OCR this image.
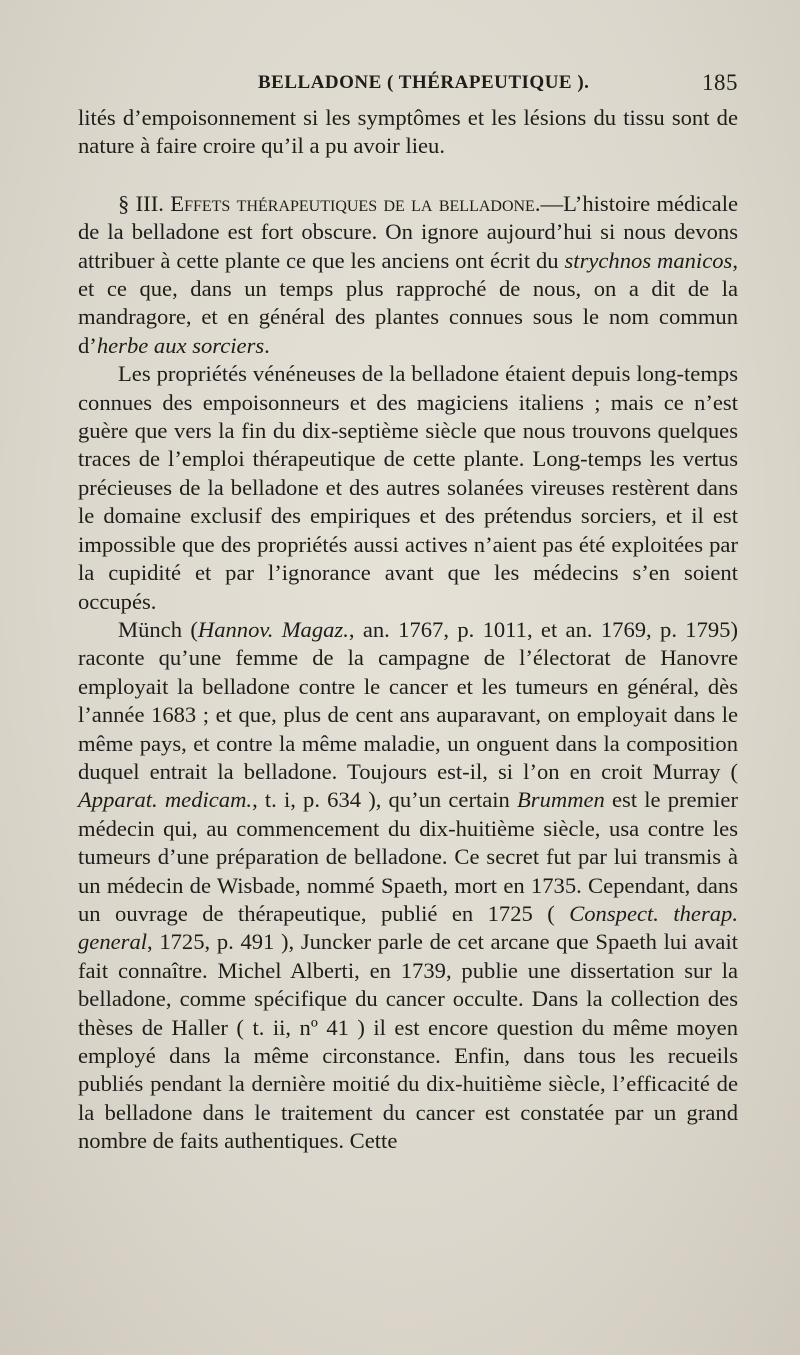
BELLADONE ( THÉRAPEUTIQUE ).	185

lités d’empoisonnement si les symptômes et les lésions du tissu sont de nature à faire croire qu’il a pu avoir lieu.

§ III. Effets thérapeutiques de la belladone.—L’histoire médicale de la belladone est fort obscure. On ignore aujourd’hui si nous devons attribuer à cette plante ce que les anciens ont écrit du strychnos manicos, et ce que, dans un temps plus rapproché de nous, on a dit de la mandragore, et en général des plantes connues sous le nom commun d’herbe aux sorciers.

Les propriétés vénéneuses de la belladone étaient depuis long-temps connues des empoisonneurs et des magiciens italiens ; mais ce n’est guère que vers la fin du dix-septième siècle que nous trouvons quelques traces de l’emploi thérapeutique de cette plante. Long-temps les vertus précieuses de la belladone et des autres solanées vireuses restèrent dans le domaine exclusif des empiriques et des prétendus sorciers, et il est impossible que des propriétés aussi actives n’aient pas été exploitées par la cupidité et par l’ignorance avant que les médecins s’en soient occupés.

Münch (Hannov. Magaz., an. 1767, p. 1011, et an. 1769, p. 1795) raconte qu’une femme de la campagne de l’électorat de Hanovre employait la belladone contre le cancer et les tumeurs en général, dès l’année 1683 ; et que, plus de cent ans auparavant, on employait dans le même pays, et contre la même maladie, un onguent dans la composition duquel entrait la belladone. Toujours est-il, si l’on en croit Murray ( Apparat. medicam., t. i, p. 634 ), qu’un certain Brummen est le premier médecin qui, au commencement du dix-huitième siècle, usa contre les tumeurs d’une préparation de belladone. Ce secret fut par lui transmis à un médecin de Wisbade, nommé Spaeth, mort en 1735. Cependant, dans un ouvrage de thérapeutique, publié en 1725 ( Conspect. therap. general, 1725, p. 491 ), Juncker parle de cet arcane que Spaeth lui avait fait connaître. Michel Alberti, en 1739, publie une dissertation sur la belladone, comme spécifique du cancer occulte. Dans la collection des thèses de Haller ( t. ii, nº 41 ) il est encore question du même moyen employé dans la même circonstance. Enfin, dans tous les recueils publiés pendant la dernière moitié du dix-huitième siècle, l’efficacité de la belladone dans le traitement du cancer est constatée par un grand nombre de faits authentiques. Cette
